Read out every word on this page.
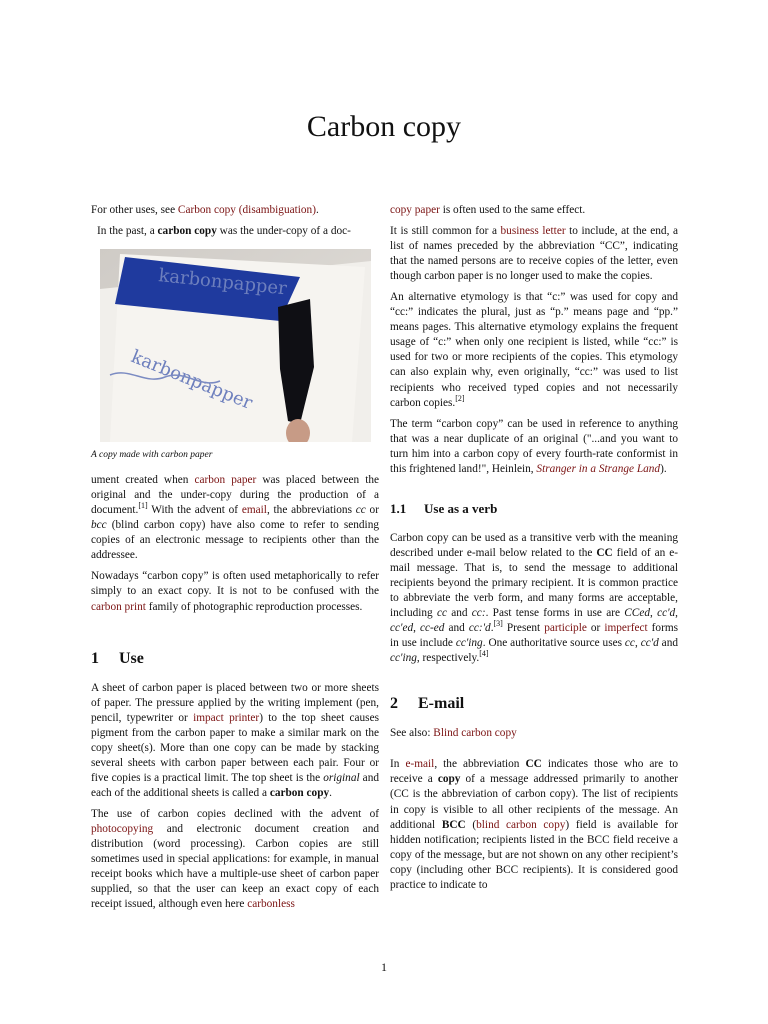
Carbon copy

For other uses, see Carbon copy (disambiguation).

In the past, a carbon copy was the under-copy of a doc-

karbonpapper
karbonpapper
A copy made with carbon paper

ument created when carbon paper was placed between the original and the under-copy during the production of a document.[1] With the advent of email, the abbreviations cc or bcc (blind carbon copy) have also come to refer to sending copies of an electronic message to recipients other than the addressee.

Nowadays “carbon copy” is often used metaphorically to refer simply to an exact copy. It is not to be confused with the carbon print family of photographic reproduction processes.

1 Use

A sheet of carbon paper is placed between two or more sheets of paper. The pressure applied by the writing implement (pen, pencil, typewriter or impact printer) to the top sheet causes pigment from the carbon paper to make a similar mark on the copy sheet(s). More than one copy can be made by stacking several sheets with carbon paper between each pair. Four or five copies is a practical limit. The top sheet is the original and each of the additional sheets is called a carbon copy.

The use of carbon copies declined with the advent of photocopying and electronic document creation and distribution (word processing). Carbon copies are still sometimes used in special applications: for example, in manual receipt books which have a multiple-use sheet of carbon paper supplied, so that the user can keep an exact copy of each receipt issued, although even here carbonless

copy paper is often used to the same effect.

It is still common for a business letter to include, at the end, a list of names preceded by the abbreviation “CC”, indicating that the named persons are to receive copies of the letter, even though carbon paper is no longer used to make the copies.

An alternative etymology is that “c:” was used for copy and “cc:” indicates the plural, just as “p.” means page and “pp.” means pages. This alternative etymology explains the frequent usage of “c:” when only one recipient is listed, while “cc:” is used for two or more recipients of the copies. This etymology can also explain why, even originally, “cc:” was used to list recipients who received typed copies and not necessarily carbon copies.[2]

The term “carbon copy” can be used in reference to anything that was a near duplicate of an original ("...and you want to turn him into a carbon copy of every fourth-rate conformist in this frightened land!", Heinlein, Stranger in a Strange Land).

1.1 Use as a verb

Carbon copy can be used as a transitive verb with the meaning described under e-mail below related to the CC field of an e-mail message. That is, to send the message to additional recipients beyond the primary recipient. It is common practice to abbreviate the verb form, and many forms are acceptable, including cc and cc:. Past tense forms in use are CCed, cc'd, cc'ed, cc-ed and cc:'d.[3] Present participle or imperfect forms in use include cc'ing. One authoritative source uses cc, cc'd and cc'ing, respectively.[4]

2 E-mail

See also: Blind carbon copy

In e-mail, the abbreviation CC indicates those who are to receive a copy of a message addressed primarily to another (CC is the abbreviation of carbon copy). The list of recipients in copy is visible to all other recipients of the message. An additional BCC (blind carbon copy) field is available for hidden notification; recipients listed in the BCC field receive a copy of the message, but are not shown on any other recipient’s copy (including other BCC recipients). It is considered good practice to indicate to

1
